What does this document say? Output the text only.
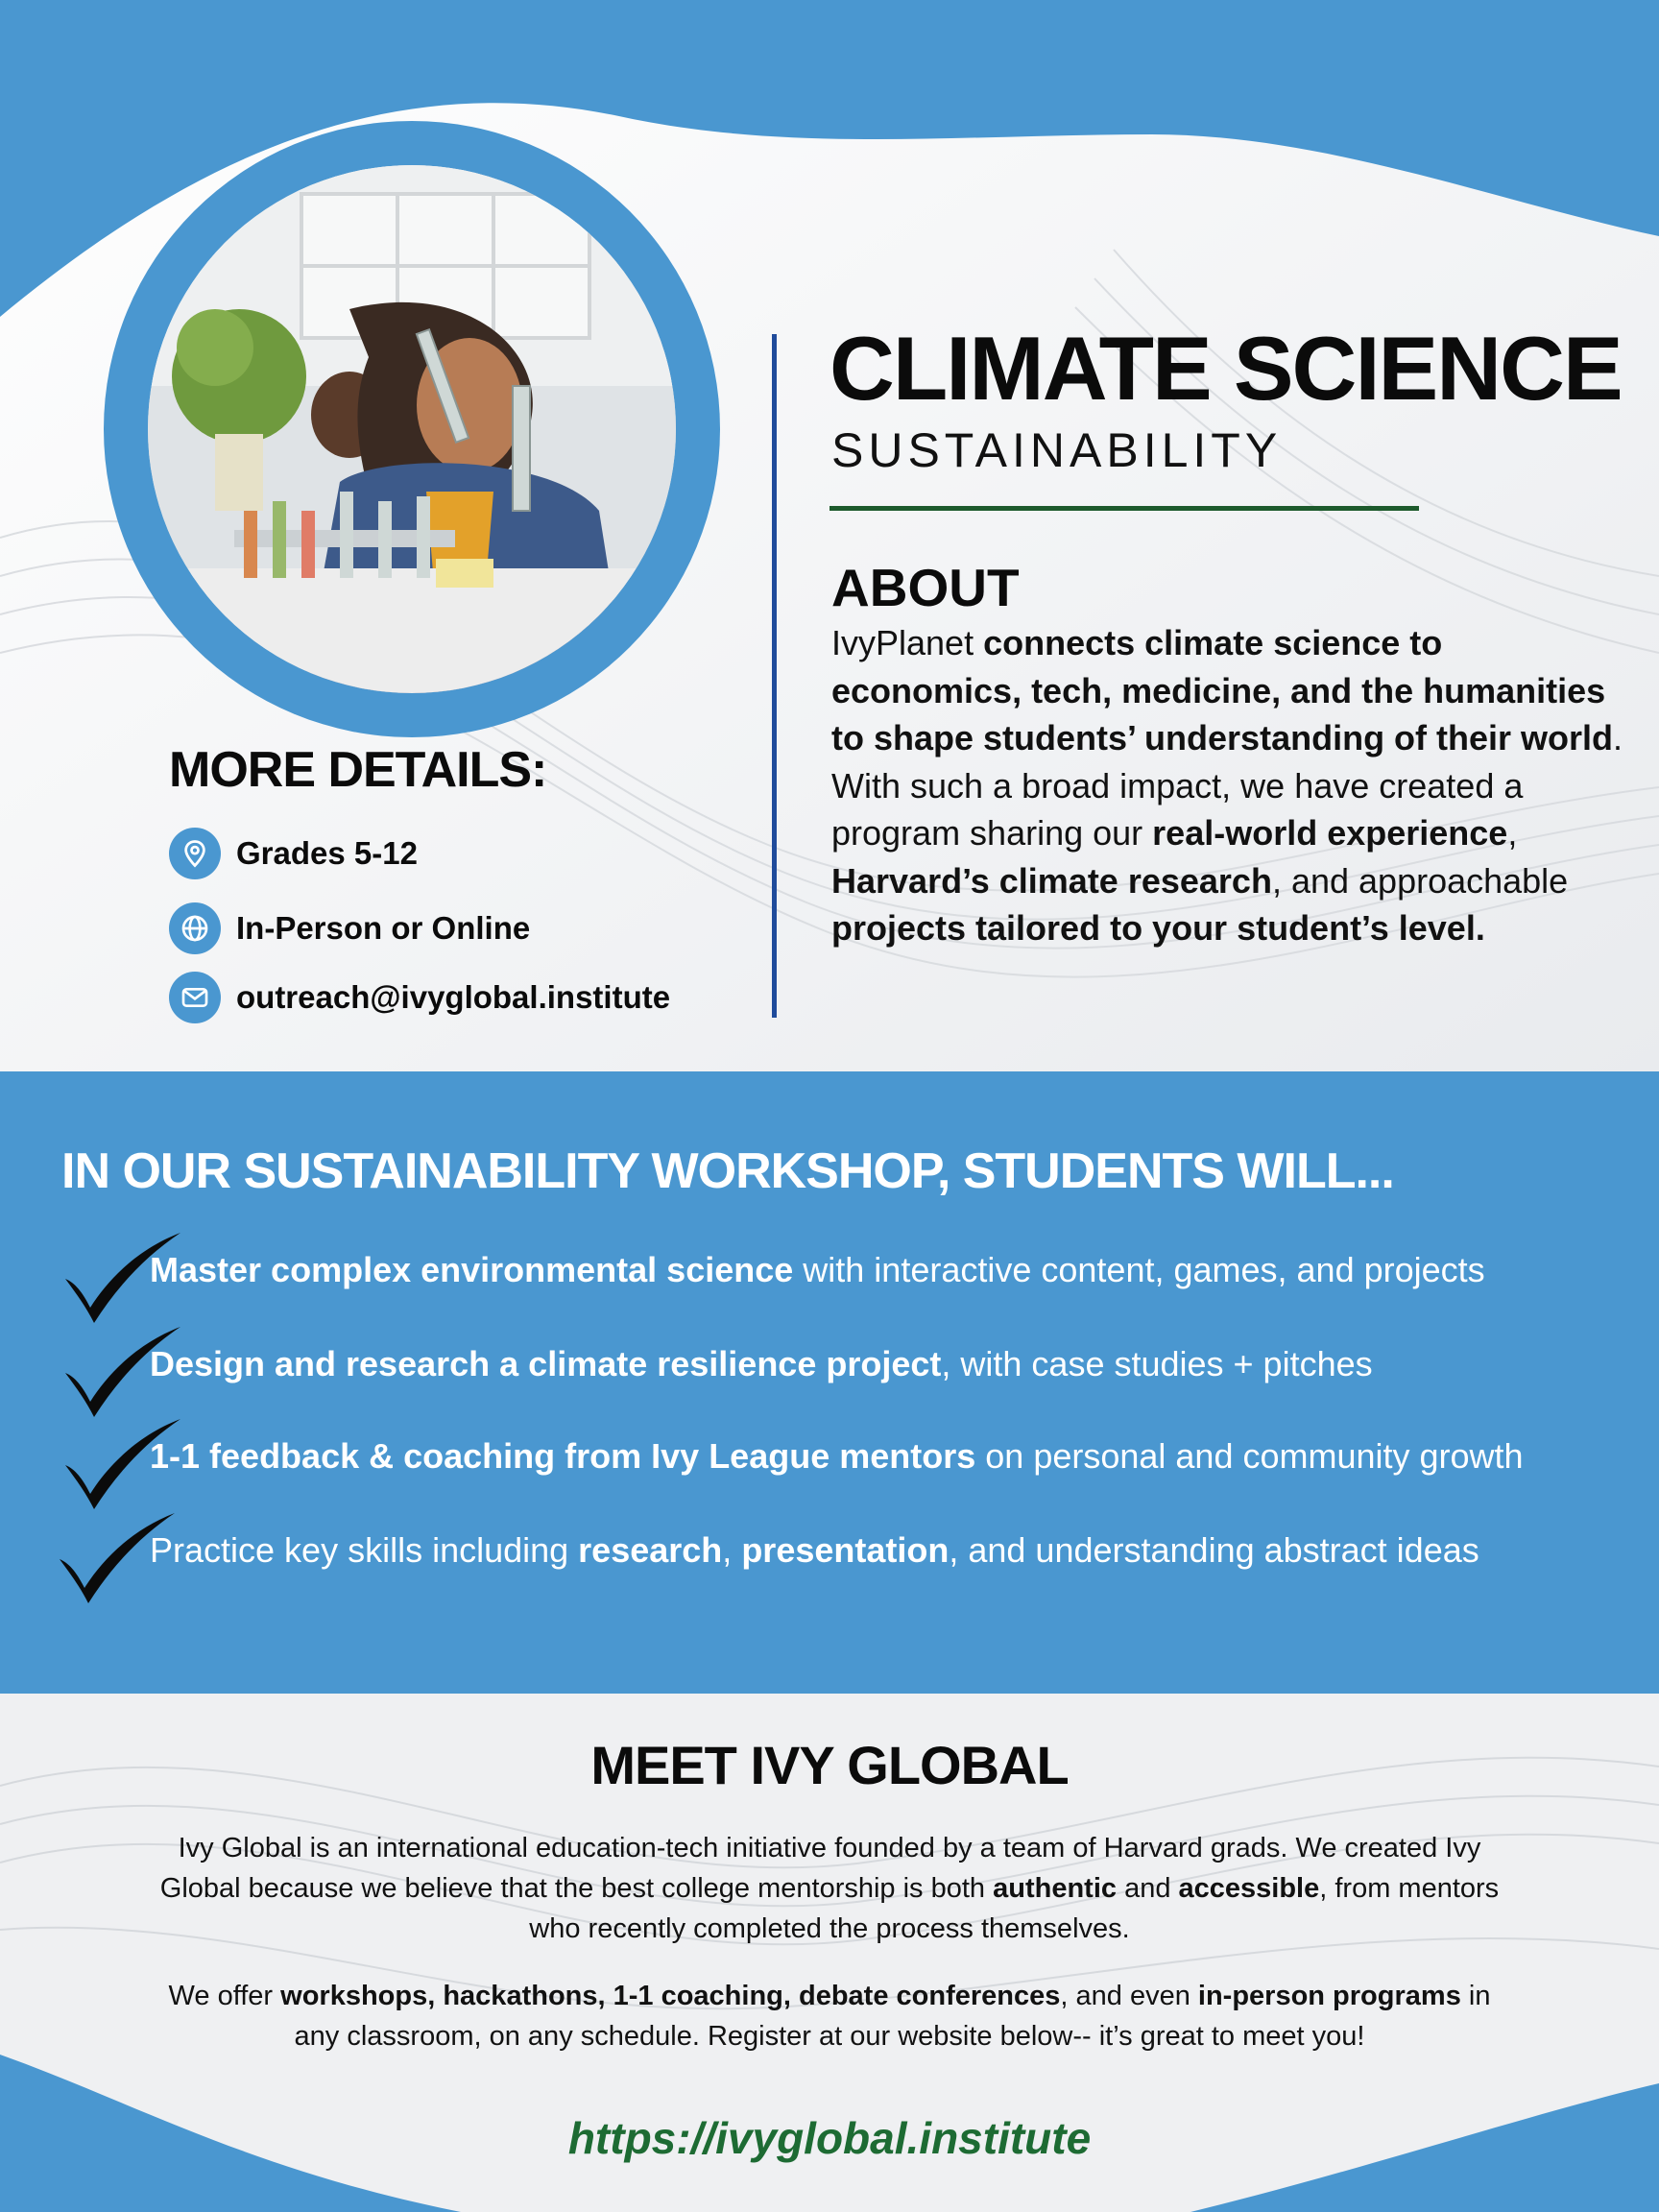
CLIMATE SCIENCE
SUSTAINABILITY
ABOUT
IvyPlanet connects climate science to economics, tech, medicine, and the humanities to shape students’ understanding of their world. With such a broad impact, we have created a program sharing our real-world experience, Harvard’s climate research, and approachable projects tailored to your student’s level.
MORE DETAILS:
Grades 5-12
In-Person or Online
outreach@ivyglobal.institute
IN OUR SUSTAINABILITY WORKSHOP, STUDENTS WILL...
Master complex environmental science with interactive content, games, and projects
Design and research a climate resilience project, with case studies + pitches
1-1 feedback & coaching from Ivy League mentors on personal and community growth
Practice key skills including research, presentation, and understanding abstract ideas
MEET IVY GLOBAL
Ivy Global is an international education-tech initiative founded by a team of Harvard grads. We created Ivy Global because we believe that the best college mentorship is both authentic and accessible, from mentors who recently completed the process themselves.
We offer workshops, hackathons, 1-1 coaching, debate conferences, and even in-person programs in any classroom, on any schedule. Register at our website below-- it’s great to meet you!
https://ivyglobal.institute
